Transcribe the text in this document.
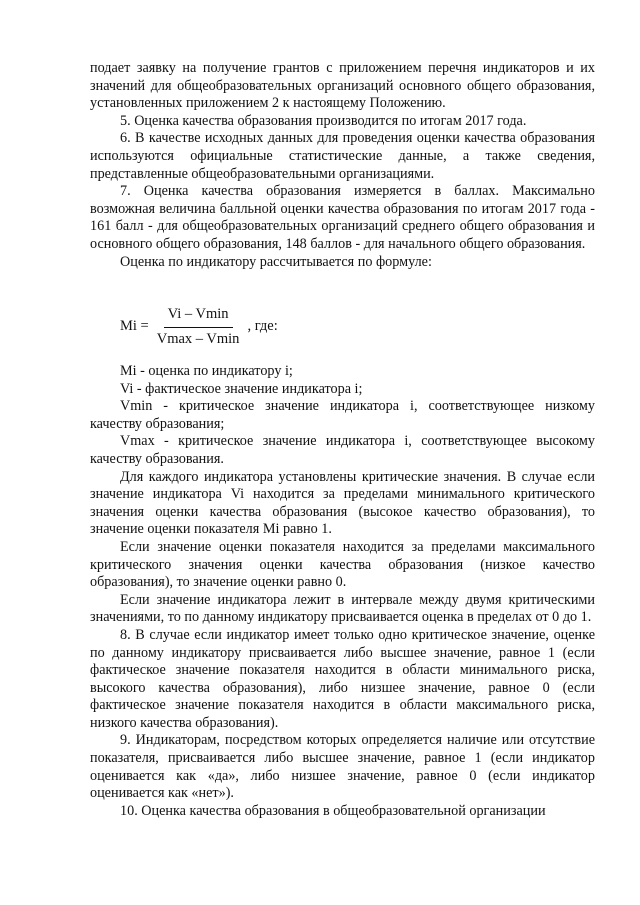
подает заявку на получение грантов с приложением перечня индикаторов и их значений для общеобразовательных организаций основного общего образования, установленных приложением 2 к настоящему Положению.

5. Оценка качества образования производится по итогам 2017 года.

6. В качестве исходных данных для проведения оценки качества образования используются официальные статистические данные, а также сведения, представленные общеобразовательными организациями.

7. Оценка качества образования измеряется в баллах. Максимально возможная величина балльной оценки качества образования по итогам 2017 года - 161 балл - для общеобразовательных организаций среднего общего образования и основного общего образования, 148 баллов - для начального общего образования.

Оценка по индикатору рассчитывается по формуле:

$Mi = \frac{Vi - Vmin}{Vmax - Vmin}$ , где:

Mi - оценка по индикатору i;

Vi - фактическое значение индикатора i;

Vmin - критическое значение индикатора i, соответствующее низкому качеству образования;

Vmax - критическое значение индикатора i, соответствующее высокому качеству образования.

Для каждого индикатора установлены критические значения. В случае если значение индикатора Vi находится за пределами минимального критического значения оценки качества образования (высокое качество образования), то значение оценки показателя Mi равно 1.

Если значение оценки показателя находится за пределами максимального критического значения оценки качества образования (низкое качество образования), то значение оценки равно 0.

Если значение индикатора лежит в интервале между двумя критическими значениями, то по данному индикатору присваивается оценка в пределах от 0 до 1.

8. В случае если индикатор имеет только одно критическое значение, оценке по данному индикатору присваивается либо высшее значение, равное 1 (если фактическое значение показателя находится в области минимального риска, высокого качества образования), либо низшее значение, равное 0 (если фактическое значение показателя находится в области максимального риска, низкого качества образования).

9. Индикаторам, посредством которых определяется наличие или отсутствие показателя, присваивается либо высшее значение, равное 1 (если индикатор оценивается как «да», либо низшее значение, равное 0 (если индикатор оценивается как «нет»).

10. Оценка качества образования в общеобразовательной организации
